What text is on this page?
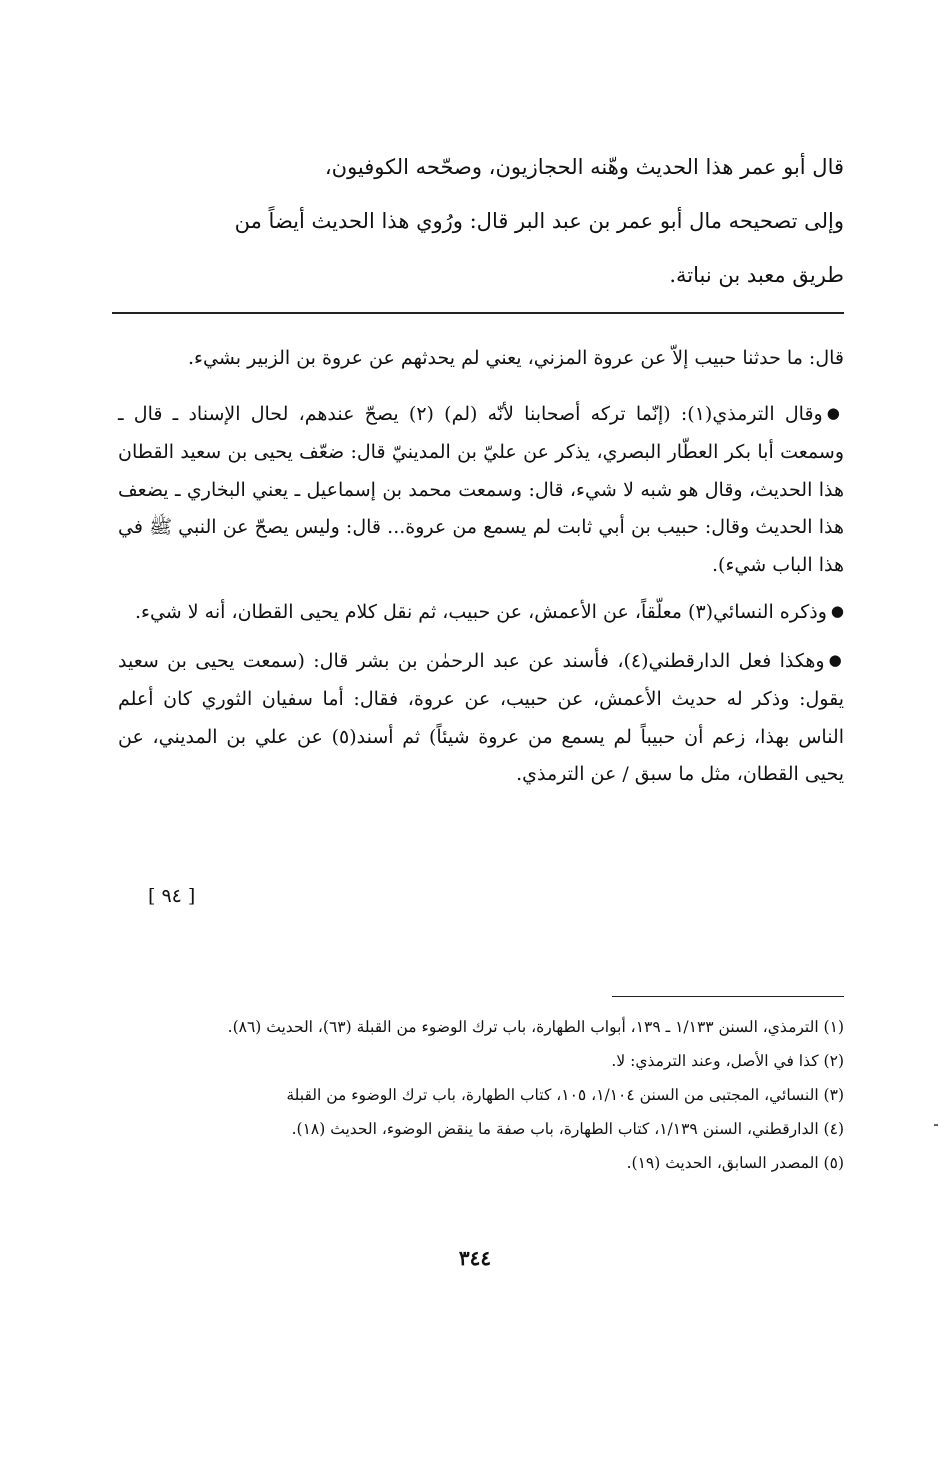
قال أبو عمر هذا الحديث وهّنه الحجازيون، وصحّحه الكوفيون،

وإلى تصحيحه مال أبو عمر بن عبد البر قال: ورُوي هذا الحديث أيضاً من

طريق معبد بن نباتة.

قال: ما حدثنا حبيب إلاّ عن عروة المزني، يعني لم يحدثهم عن عروة بن الزبير بشيء.

●وقال الترمذي(١): (إنّما تركه أصحابنا لأنّه (لم) (٢) يصحّ عندهم، لحال الإسناد ـ قال ـ وسمعت أبا بكر العطّار البصري، يذكر عن عليّ بن المدينيّ قال: ضعّف يحيى بن سعيد القطان هذا الحديث، وقال هو شبه لا شيء، قال: وسمعت محمد بن إسماعيل ـ يعني البخاري ـ يضعف هذا الحديث وقال: حبيب بن أبي ثابت لم يسمع من عروة... قال: وليس يصحّ عن النبي ﷺ في هذا الباب شيء).

●وذكره النسائي(٣) معلّقاً، عن الأعمش، عن حبيب، ثم نقل كلام يحيى القطان، أنه لا شيء.

●وهكذا فعل الدارقطني(٤)، فأسند عن عبد الرحمٰن بن بشر قال: (سمعت يحيى بن سعيد يقول: وذكر له حديث الأعمش، عن حبيب، عن عروة، فقال: أما سفيان الثوري كان أعلم الناس بهذا، زعم أن حبيباً لم يسمع من عروة شيئاً) ثم أسند(٥) عن علي بن المديني، عن يحيى القطان، مثل ما سبق / عن الترمذي.

[ ٩٤ ]

(١) الترمذي، السنن ١/١٣٣ ـ ١٣٩، أبواب الطهارة، باب ترك الوضوء من القبلة (٦٣)، الحديث (٨٦).

(٢) كذا في الأصل، وعند الترمذي: لا.

(٣) النسائي، المجتبى من السنن ١/١٠٤، ١٠٥، كتاب الطهارة، باب ترك الوضوء من القبلة

(٤) الدارقطني، السنن ١/١٣٩، كتاب الطهارة، باب صفة ما ينقض الوضوء، الحديث (١٨).

(٥) المصدر السابق، الحديث (١٩).

٣٤٤
